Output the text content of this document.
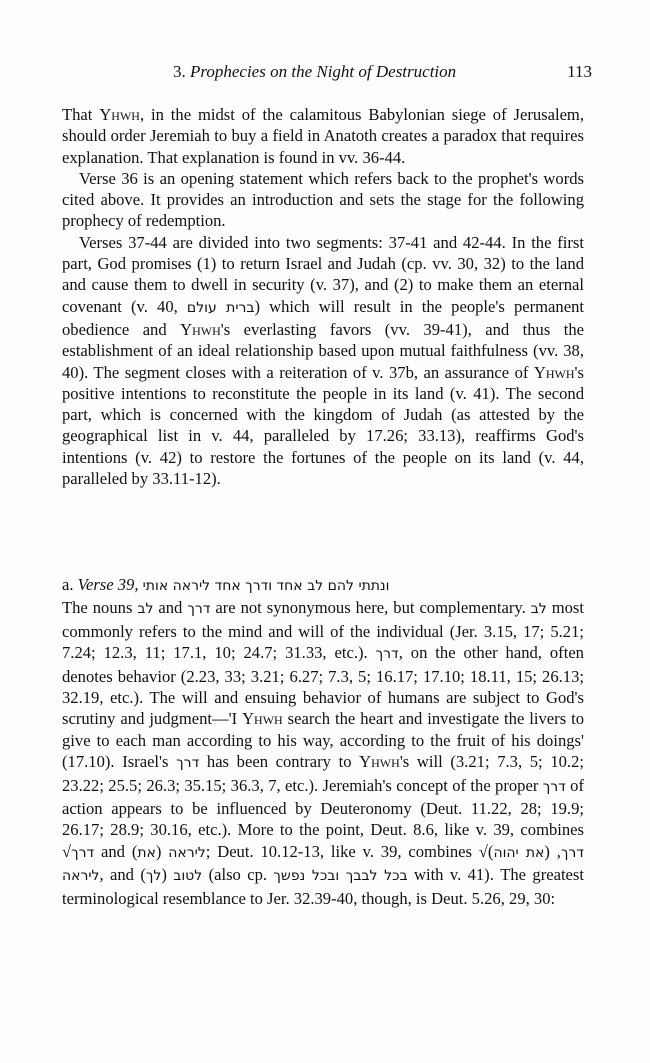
3. Prophecies on the Night of Destruction	113

That Yhwh, in the midst of the calamitous Babylonian siege of Jerusalem, should order Jeremiah to buy a field in Anatoth creates a paradox that requires explanation. That explanation is found in vv. 36-44.

Verse 36 is an opening statement which refers back to the prophet's words cited above. It provides an introduction and sets the stage for the following prophecy of redemption.

Verses 37-44 are divided into two segments: 37-41 and 42-44. In the first part, God promises (1) to return Israel and Judah (cp. vv. 30, 32) to the land and cause them to dwell in security (v. 37), and (2) to make them an eternal covenant (v. 40, ברית עולם) which will result in the people's permanent obedience and Yhwh's everlasting favors (vv. 39-41), and thus the establishment of an ideal relationship based upon mutual faithfulness (vv. 38, 40). The segment closes with a reiteration of v. 37b, an assurance of Yhwh's positive intentions to reconstitute the people in its land (v. 41). The second part, which is concerned with the kingdom of Judah (as attested by the geographical list in v. 44, paralleled by 17.26; 33.13), reaffirms God's intentions (v. 42) to restore the fortunes of the people on its land (v. 44, paralleled by 33.11-12).

a. Verse 39, ונתתי להם לב אחד ודרך אחד ליראה אותי

The nouns לב and דרך are not synonymous here, but complementary. לב most commonly refers to the mind and will of the individual (Jer. 3.15, 17; 5.21; 7.24; 12.3, 11; 17.1, 10; 24.7; 31.33, etc.). דרך, on the other hand, often denotes behavior (2.23, 33; 3.21; 6.27; 7.3, 5; 16.17; 17.10; 18.11, 15; 26.13; 32.19, etc.). The will and ensuing behavior of humans are subject to God's scrutiny and judgment—'I Yhwh search the heart and investigate the livers to give to each man according to his way, according to the fruit of his doings' (17.10). Israel's דרך has been contrary to Yhwh's will (3.21; 7.3, 5; 10.2; 23.22; 25.5; 26.3; 35.15; 36.3, 7, etc.). Jeremiah's concept of the proper דרך of action appears to be influenced by Deuteronomy (Deut. 11.22, 28; 19.9; 26.17; 28.9; 30.16, etc.). More to the point, Deut. 8.6, like v. 39, combines √דרך and (את) ליראה; Deut. 10.12-13, like v. 39, combines √	דרך, (את יהוה) ליראה, and (לך) לטוב (also cp. בכל לבבך ובכל נפשך with v. 41). The greatest terminological resemblance to Jer. 32.39-40, though, is Deut. 5.26, 29, 30:
